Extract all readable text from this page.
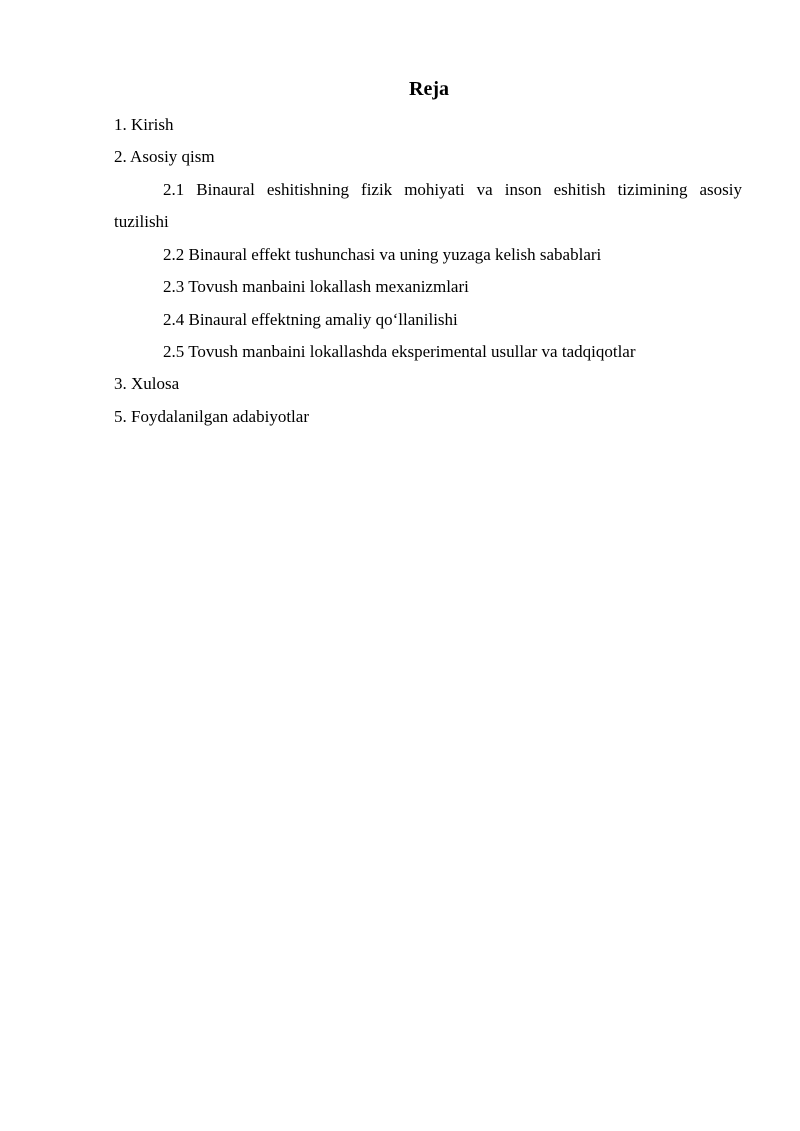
Reja
1. Kirish
2. Asosiy qism
2.1 Binaural eshitishning fizik mohiyati va inson eshitish tizimining asosiy
tuzilishi
2.2 Binaural effekt tushunchasi va uning yuzaga kelish sabablari
2.3 Tovush manbaini lokallash mexanizmlari
2.4 Binaural effektning amaliy qo‘llanilishi
2.5 Tovush manbaini lokallashda eksperimental usullar va tadqiqotlar
3. Xulosa
5. Foydalanilgan adabiyotlar
